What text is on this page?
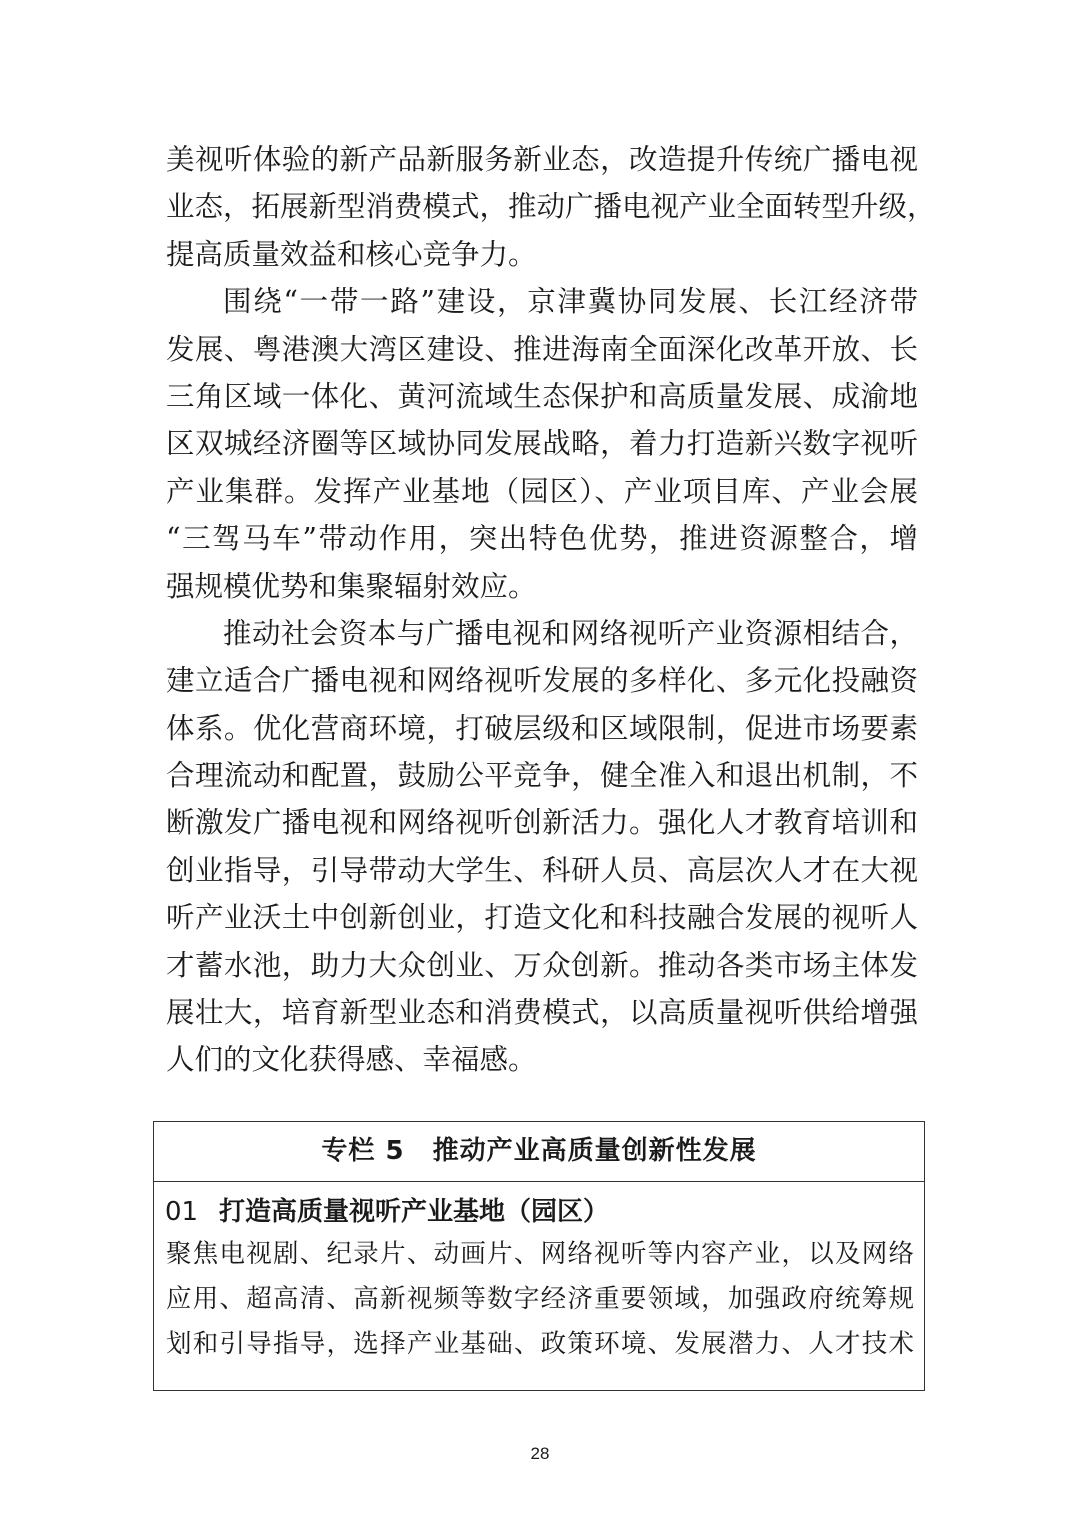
美视听体验的新产品新服务新业态，改造提升传统广播电视
业态，拓展新型消费模式，推动广播电视产业全面转型升级，
提高质量效益和核心竞争力。
围绕“一带一路”建设，京津冀协同发展、长江经济带
发展、粤港澳大湾区建设、推进海南全面深化改革开放、长
三角区域一体化、黄河流域生态保护和高质量发展、成渝地
区双城经济圈等区域协同发展战略，着力打造新兴数字视听
产业集群。发挥产业基地（园区）、产业项目库、产业会展
“三驾马车”带动作用，突出特色优势，推进资源整合，增
强规模优势和集聚辐射效应。
推动社会资本与广播电视和网络视听产业资源相结合，
建立适合广播电视和网络视听发展的多样化、多元化投融资
体系。优化营商环境，打破层级和区域限制，促进市场要素
合理流动和配置，鼓励公平竞争，健全准入和退出机制，不
断激发广播电视和网络视听创新活力。强化人才教育培训和
创业指导，引导带动大学生、科研人员、高层次人才在大视
听产业沃土中创新创业，打造文化和科技融合发展的视听人
才蓄水池，助力大众创业、万众创新。推动各类市场主体发
展壮大，培育新型业态和消费模式，以高质量视听供给增强
人们的文化获得感、幸福感。
专栏 5 推动产业高质量创新性发展
01 打造高质量视听产业基地（园区）
聚焦电视剧、纪录片、动画片、网络视听等内容产业，以及网络
应用、超高清、高新视频等数字经济重要领域，加强政府统筹规
划和引导指导，选择产业基础、政策环境、发展潜力、人才技术
28
